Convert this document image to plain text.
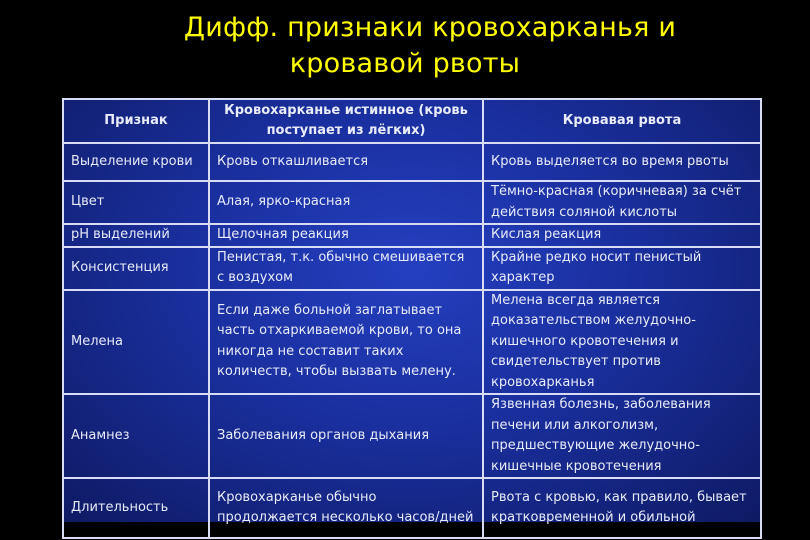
Дифф. признаки кровохарканья и
кровавой рвоты
Признак	Кровохарканье истинное (кровь поступает из лёгких)	Кровавая рвота
Выделение крови	Кровь откашливается	Кровь выделяется во время рвоты
Цвет	Алая, ярко-красная	Тёмно-красная (коричневая) за счёт действия соляной кислоты
pH выделений	Щелочная реакция	Кислая реакция
Консистенция	Пенистая, т.к. обычно смешивается с воздухом	Крайне редко носит пенистый характер
Мелена	Если даже больной заглатывает часть отхаркиваемой крови, то она никогда не составит таких количеств, чтобы вызвать мелену.	Мелена всегда является доказательством желудочно-кишечного кровотечения и свидетельствует против кровохарканья
Анамнез	Заболевания органов дыхания	Язвенная болезнь, заболевания печени или алкоголизм, предшествующие желудочно-кишечные кровотечения
Длительность	Кровохарканье обычно продолжается несколько часов/дней	Рвота с кровью, как правило, бывает кратковременной и обильной
